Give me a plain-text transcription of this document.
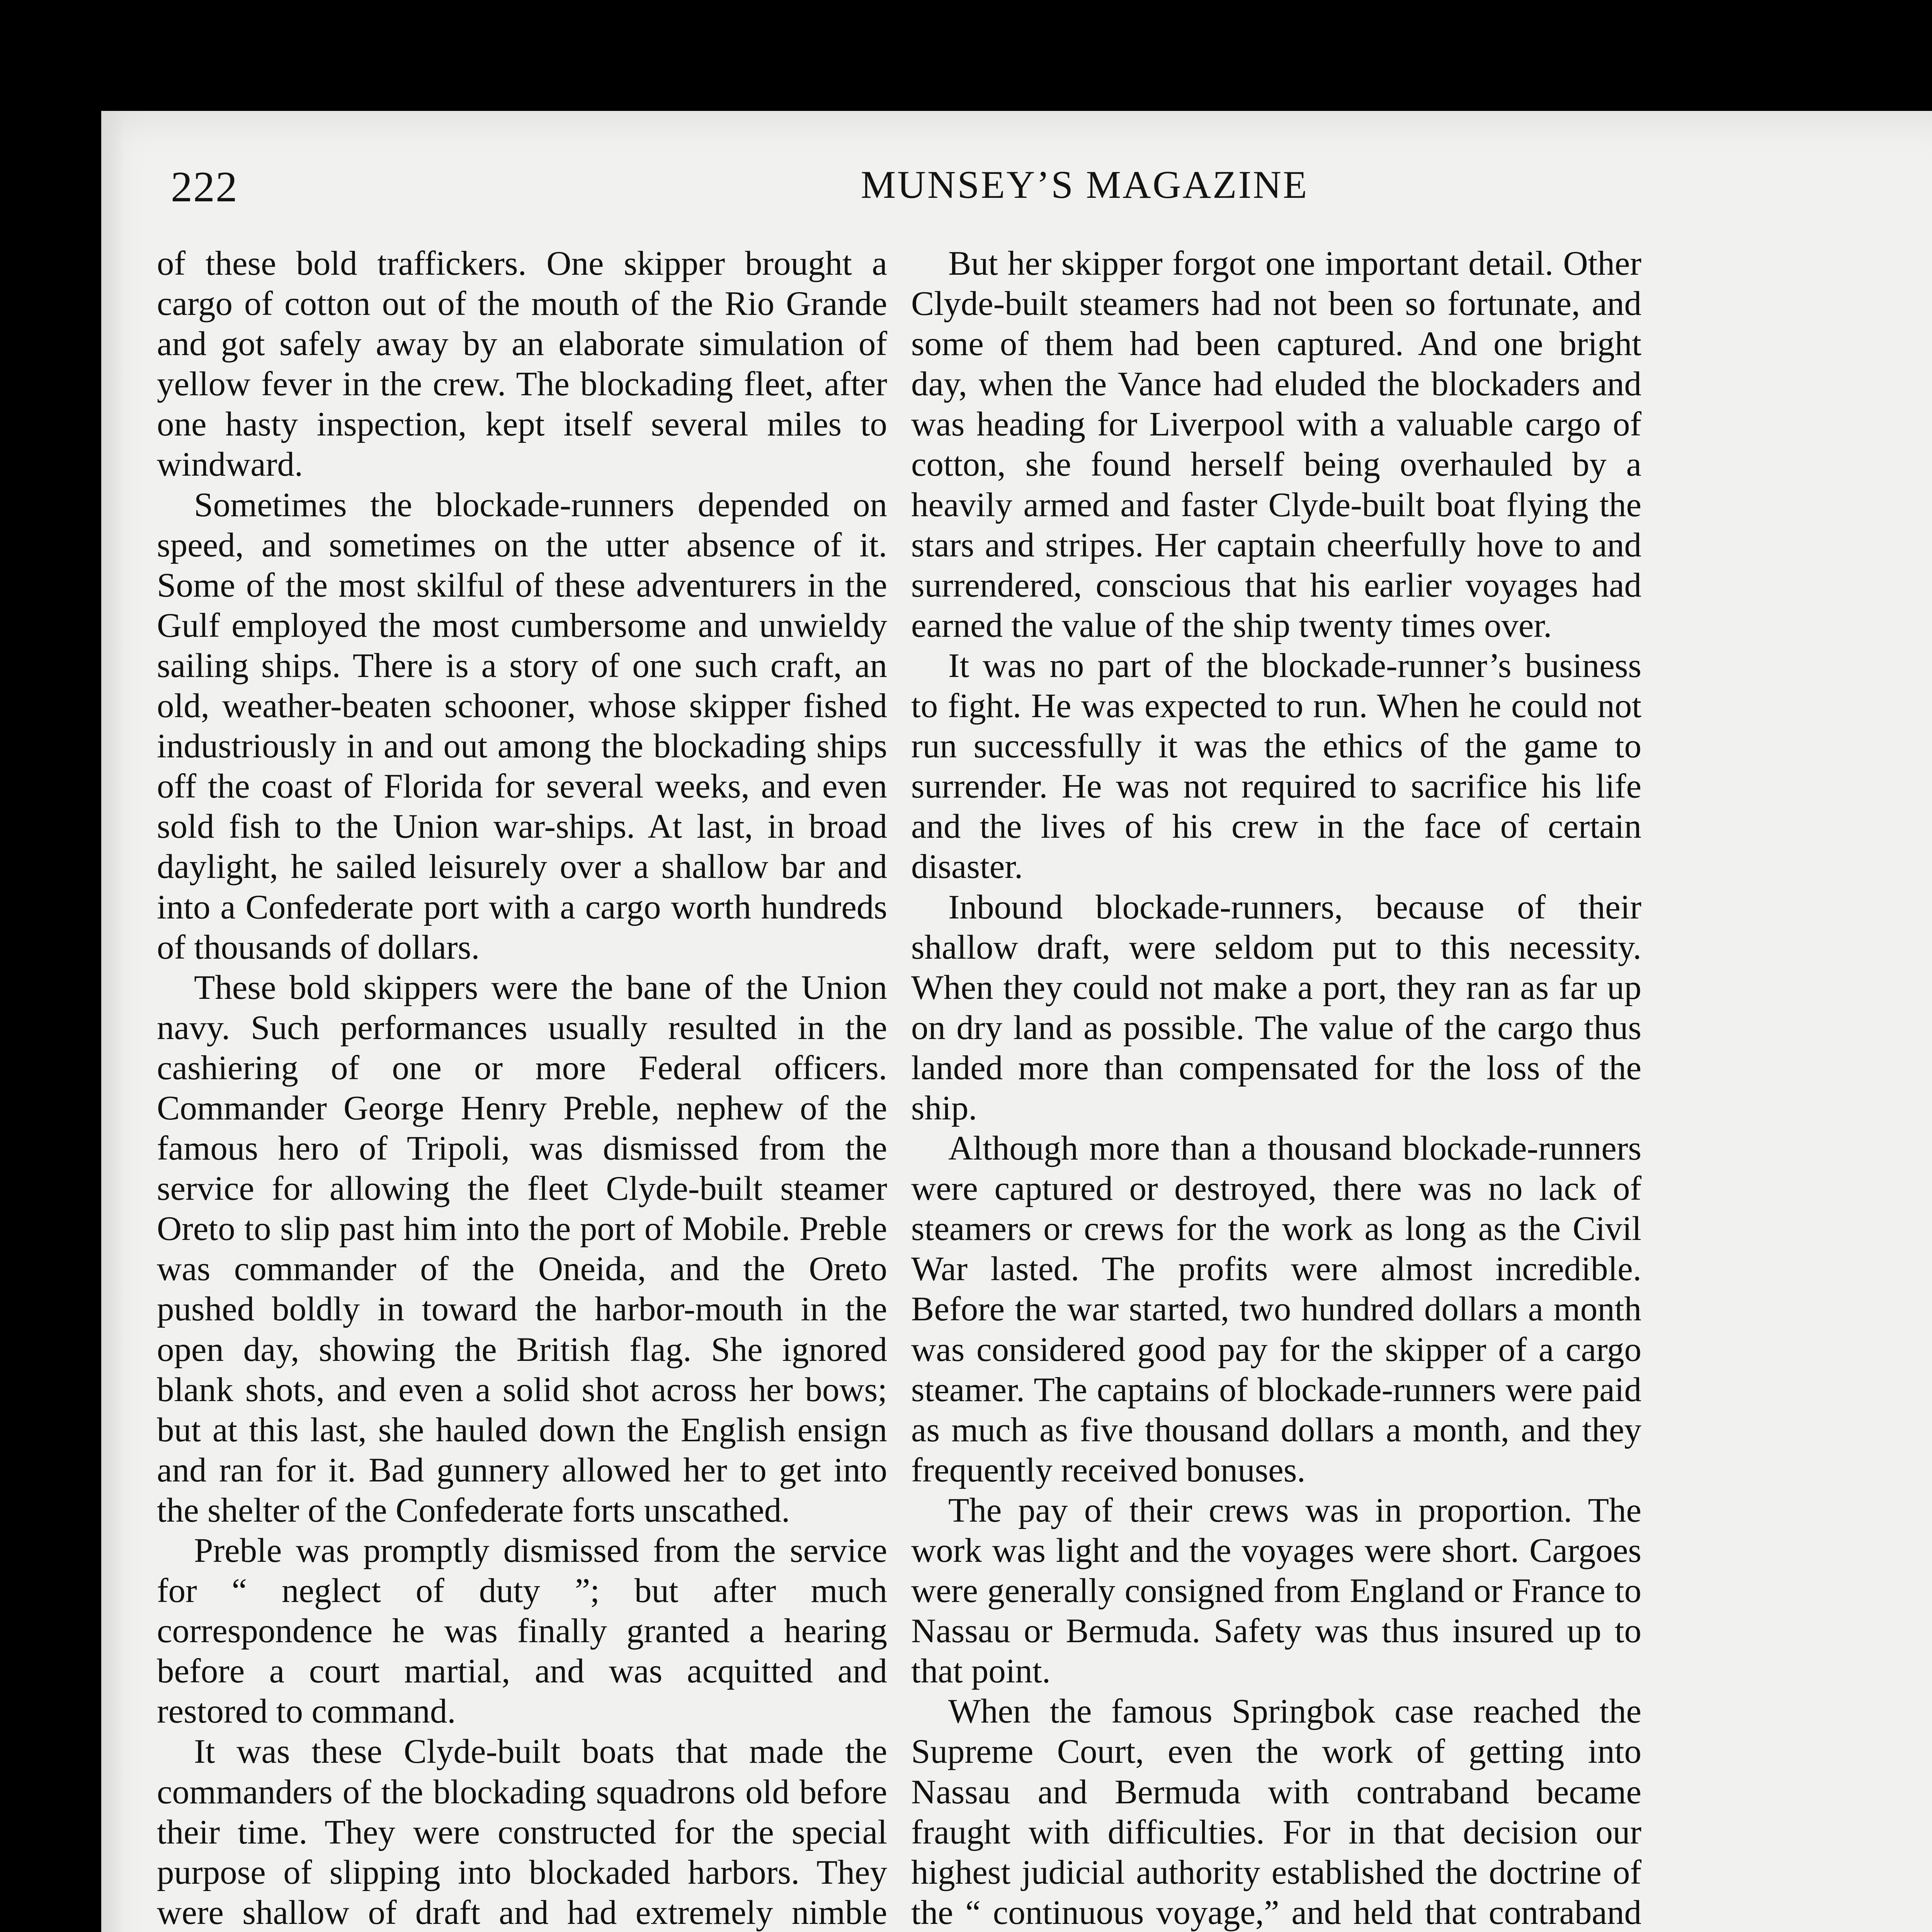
222	MUNSEY’S MAGAZINE

of these bold traffickers. One skipper brought a cargo of cotton out of the mouth of the Rio Grande and got safely away by an elaborate simulation of yellow fever in the crew. The blockading fleet, after one hasty inspection, kept itself several miles to windward.

Sometimes the blockade-runners depended on speed, and sometimes on the utter absence of it. Some of the most skilful of these adventurers in the Gulf employed the most cumbersome and unwieldy sailing ships. There is a story of one such craft, an old, weather-beaten schooner, whose skipper fished industriously in and out among the blockading ships off the coast of Florida for several weeks, and even sold fish to the Union war-ships. At last, in broad daylight, he sailed leisurely over a shallow bar and into a Confederate port with a cargo worth hundreds of thousands of dollars.

These bold skippers were the bane of the Union navy. Such performances usually resulted in the cashiering of one or more Federal officers. Commander George Henry Preble, nephew of the famous hero of Tripoli, was dismissed from the service for allowing the fleet Clyde-built steamer Oreto to slip past him into the port of Mobile. Preble was commander of the Oneida, and the Oreto pushed boldly in toward the harbor-mouth in the open day, showing the British flag. She ignored blank shots, and even a solid shot across her bows; but at this last, she hauled down the English ensign and ran for it. Bad gunnery allowed her to get into the shelter of the Confederate forts unscathed.

Preble was promptly dismissed from the service for “ neglect of duty ”; but after much correspondence he was finally granted a hearing before a court martial, and was acquitted and restored to command.

It was these Clyde-built boats that made the commanders of the blockading squadrons old before their time. They were constructed for the special purpose of slipping into blockaded harbors. They were shallow of draft and had extremely nimble

But her skipper forgot one important detail. Other Clyde-built steamers had not been so fortunate, and some of them had been captured. And one bright day, when the Vance had eluded the blockaders and was heading for Liverpool with a valuable cargo of cotton, she found herself being overhauled by a heavily armed and faster Clyde-built boat flying the stars and stripes. Her captain cheerfully hove to and surrendered, conscious that his earlier voyages had earned the value of the ship twenty times over.

It was no part of the blockade-runner’s business to fight. He was expected to run. When he could not run successfully it was the ethics of the game to surrender. He was not required to sacrifice his life and the lives of his crew in the face of certain disaster.

Inbound blockade-runners, because of their shallow draft, were seldom put to this necessity. When they could not make a port, they ran as far up on dry land as possible. The value of the cargo thus landed more than compensated for the loss of the ship.

Although more than a thousand blockade-runners were captured or destroyed, there was no lack of steamers or crews for the work as long as the Civil War lasted. The profits were almost incredible. Before the war started, two hundred dollars a month was considered good pay for the skipper of a cargo steamer. The captains of blockade-runners were paid as much as five thousand dollars a month, and they frequently received bonuses.

The pay of their crews was in proportion. The work was light and the voyages were short. Cargoes were generally consigned from England or France to Nassau or Bermuda. Safety was thus insured up to that point.

When the famous Springbok case reached the Supreme Court, even the work of getting into Nassau and Bermuda with contraband became fraught with difficulties. For in that decision our highest judicial authority established the doctrine of the “ continuous voyage,” and held that contraband
